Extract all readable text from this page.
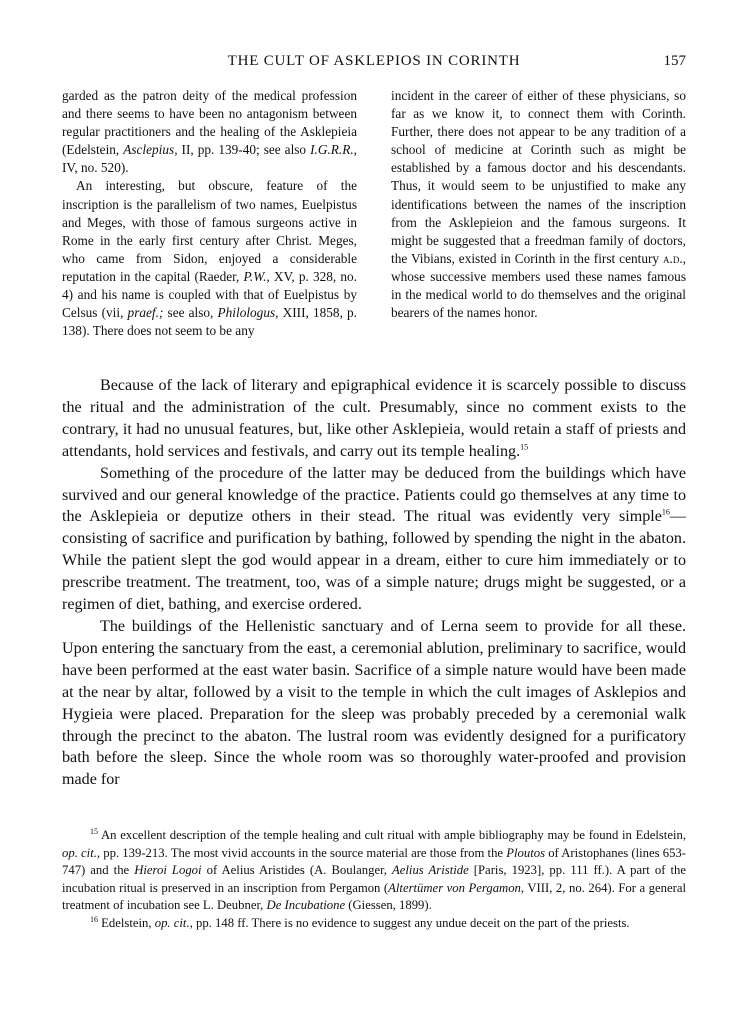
THE CULT OF ASKLEPIOS IN CORINTH	157

garded as the patron deity of the medical profession and there seems to have been no antagonism between regular practitioners and the healing of the Asklepieia (Edelstein, Asclepius, II, pp. 139-40; see also I.G.R.R., IV, no. 520).

An interesting, but obscure, feature of the inscription is the parallelism of two names, Euelpistus and Meges, with those of famous surgeons active in Rome in the early first century after Christ. Meges, who came from Sidon, enjoyed a considerable reputation in the capital (Raeder, P.W., XV, p. 328, no. 4) and his name is coupled with that of Euelpistus by Celsus (vii, praef.; see also, Philologus, XIII, 1858, p. 138). There does not seem to be any

incident in the career of either of these physicians, so far as we know it, to connect them with Corinth. Further, there does not appear to be any tradition of a school of medicine at Corinth such as might be established by a famous doctor and his descendants. Thus, it would seem to be unjustified to make any identifications between the names of the inscription from the Asklepieion and the famous surgeons. It might be suggested that a freedman family of doctors, the Vibians, existed in Corinth in the first century a.d., whose successive members used these names famous in the medical world to do themselves and the original bearers of the names honor.

Because of the lack of literary and epigraphical evidence it is scarcely possible to discuss the ritual and the administration of the cult. Presumably, since no comment exists to the contrary, it had no unusual features, but, like other Asklepieia, would retain a staff of priests and attendants, hold services and festivals, and carry out its temple healing.$^{15}$

Something of the procedure of the latter may be deduced from the buildings which have survived and our general knowledge of the practice. Patients could go themselves at any time to the Asklepieia or deputize others in their stead. The ritual was evidently very simple$^{16}$—consisting of sacrifice and purification by bathing, followed by spending the night in the abaton. While the patient slept the god would appear in a dream, either to cure him immediately or to prescribe treatment. The treatment, too, was of a simple nature; drugs might be suggested, or a regimen of diet, bathing, and exercise ordered.

The buildings of the Hellenistic sanctuary and of Lerna seem to provide for all these. Upon entering the sanctuary from the east, a ceremonial ablution, preliminary to sacrifice, would have been performed at the east water basin. Sacrifice of a simple nature would have been made at the near by altar, followed by a visit to the temple in which the cult images of Asklepios and Hygieia were placed. Preparation for the sleep was probably preceded by a ceremonial walk through the precinct to the abaton. The lustral room was evidently designed for a purificatory bath before the sleep. Since the whole room was so thoroughly water-proofed and provision made for

$^{15}$ An excellent description of the temple healing and cult ritual with ample bibliography may be found in Edelstein, op. cit., pp. 139-213. The most vivid accounts in the source material are those from the Ploutos of Aristophanes (lines 653-747) and the Hieroi Logoi of Aelius Aristides (A. Boulanger, Aelius Aristide [Paris, 1923], pp. 111 ff.). A part of the incubation ritual is preserved in an inscription from Pergamon (Altertümer von Pergamon, VIII, 2, no. 264). For a general treatment of incubation see L. Deubner, De Incubatione (Giessen, 1899).

$^{16}$ Edelstein, op. cit., pp. 148 ff. There is no evidence to suggest any undue deceit on the part of the priests.
